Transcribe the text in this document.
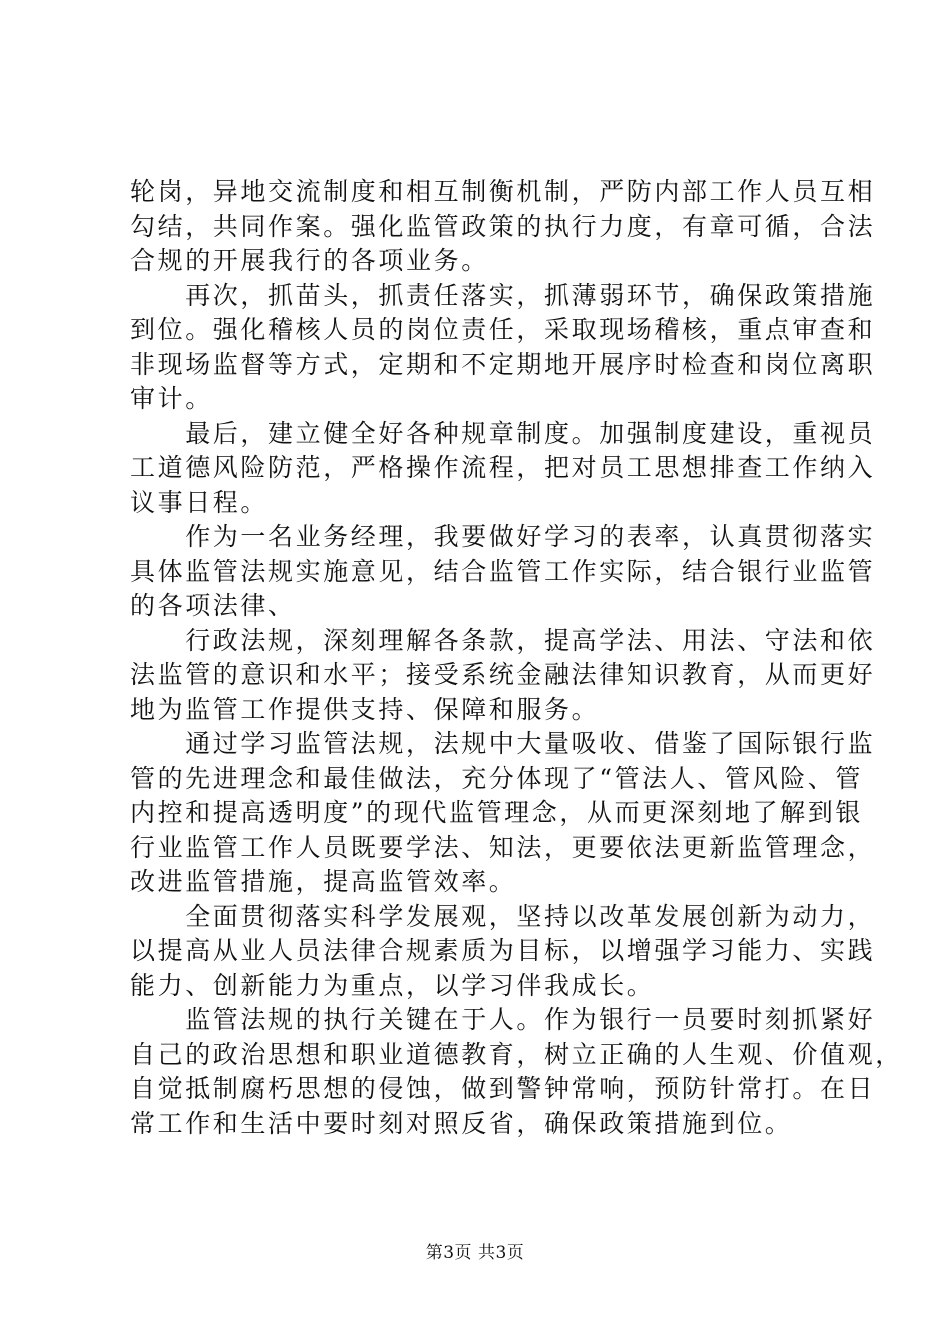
轮岗，异地交流制度和相互制衡机制，严防内部工作人员互相
勾结，共同作案。强化监管政策的执行力度，有章可循，合法
合规的开展我行的各项业务。
　　再次，抓苗头，抓责任落实，抓薄弱环节，确保政策措施
到位。强化稽核人员的岗位责任，采取现场稽核，重点审查和
非现场监督等方式，定期和不定期地开展序时检查和岗位离职
审计。
　　最后，建立健全好各种规章制度。加强制度建设，重视员
工道德风险防范，严格操作流程，把对员工思想排查工作纳入
议事日程。
　　作为一名业务经理，我要做好学习的表率，认真贯彻落实
具体监管法规实施意见，结合监管工作实际，结合银行业监管
的各项法律、
　　行政法规，深刻理解各条款，提高学法、用法、守法和依
法监管的意识和水平；接受系统金融法律知识教育，从而更好
地为监管工作提供支持、保障和服务。
　　通过学习监管法规，法规中大量吸收、借鉴了国际银行监
管的先进理念和最佳做法，充分体现了“管法人、管风险、管
内控和提高透明度”的现代监管理念，从而更深刻地了解到银
行业监管工作人员既要学法、知法，更要依法更新监管理念，
改进监管措施，提高监管效率。
　　全面贯彻落实科学发展观，坚持以改革发展创新为动力，
以提高从业人员法律合规素质为目标，以增强学习能力、实践
能力、创新能力为重点，以学习伴我成长。
　　监管法规的执行关键在于人。作为银行一员要时刻抓紧好
自己的政治思想和职业道德教育，树立正确的人生观、价值观，
自觉抵制腐朽思想的侵蚀，做到警钟常响，预防针常打。在日
常工作和生活中要时刻对照反省，确保政策措施到位。
第3页 共3页
